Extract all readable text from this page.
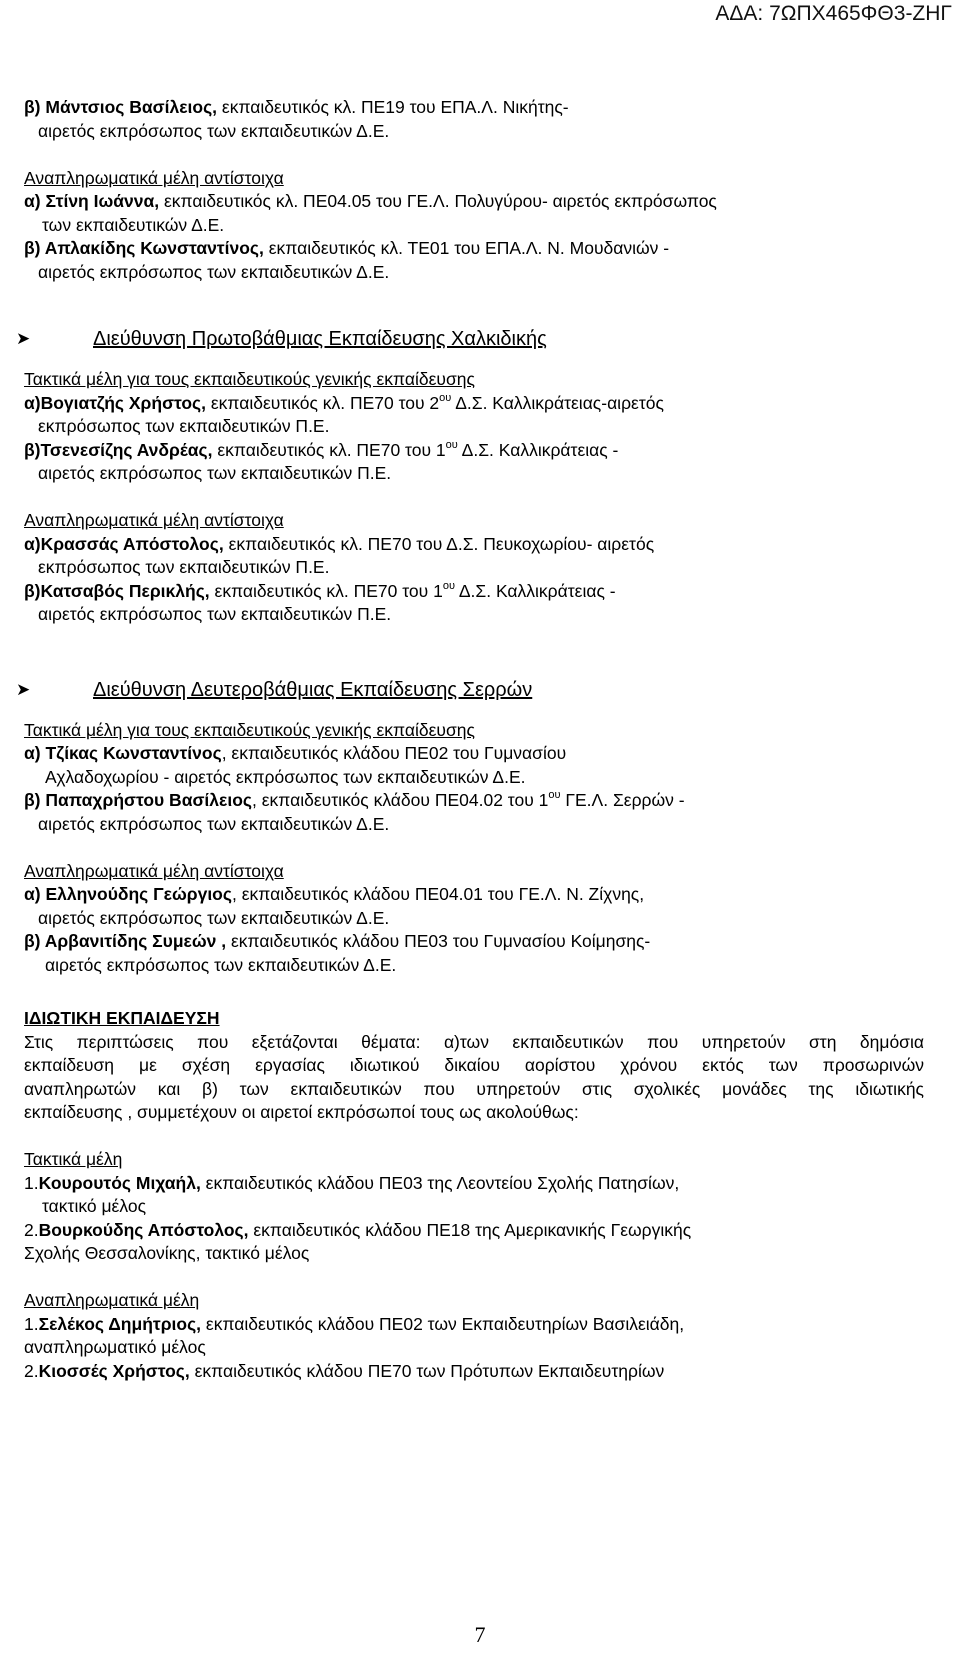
ΑΔΑ: 7ΩΠΧ465ΦΘ3-ΖΗΓ

β) Μάντσιος Βασίλειος, εκπαιδευτικός κλ. ΠΕ19 του ΕΠΑ.Λ. Νικήτης-

αιρετός εκπρόσωπος των εκπαιδευτικών Δ.Ε.

Αναπληρωματικά μέλη αντίστοιχα

α) Στίνη Ιωάννα, εκπαιδευτικός κλ. ΠΕ04.05 του ΓΕ.Λ. Πολυγύρου- αιρετός εκπρόσωπος

των εκπαιδευτικών Δ.Ε.

β) Απλακίδης Κωνσταντίνος, εκπαιδευτικός κλ. ΤΕ01 του ΕΠΑ.Λ. Ν. Μουδανιών -

αιρετός εκπρόσωπος των εκπαιδευτικών Δ.Ε.

➤	Διεύθυνση Πρωτοβάθμιας Εκπαίδευσης Χαλκιδικής

Τακτικά μέλη για τους εκπαιδευτικούς γενικής εκπαίδευσης

α)Βογιατζής Χρήστος, εκπαιδευτικός κλ. ΠΕ70 του $2^{o\upsilon}$ Δ.Σ. Καλλικράτειας-αιρετός

εκπρόσωπος των εκπαιδευτικών Π.Ε.

β)Τσενεσίζης Ανδρέας, εκπαιδευτικός κλ. ΠΕ70 του $1^{o\upsilon}$ Δ.Σ. Καλλικράτειας -

αιρετός εκπρόσωπος των εκπαιδευτικών Π.Ε.

Αναπληρωματικά μέλη αντίστοιχα

α)Κρασσάς Απόστολος, εκπαιδευτικός κλ. ΠΕ70 του Δ.Σ. Πευκοχωρίου- αιρετός

εκπρόσωπος των εκπαιδευτικών Π.Ε.

β)Κατσαβός Περικλής, εκπαιδευτικός κλ. ΠΕ70 του $1^{o\upsilon}$ Δ.Σ. Καλλικράτειας -

αιρετός εκπρόσωπος των εκπαιδευτικών Π.Ε.

➤	Διεύθυνση Δευτεροβάθμιας Εκπαίδευσης Σερρών

Τακτικά μέλη για τους εκπαιδευτικούς γενικής εκπαίδευσης

α) Τζίκας Κωνσταντίνος, εκπαιδευτικός κλάδου ΠΕ02 του Γυμνασίου

Αχλαδοχωρίου - αιρετός εκπρόσωπος των εκπαιδευτικών Δ.Ε.

β) Παπαχρήστου Βασίλειος, εκπαιδευτικός κλάδου ΠΕ04.02 του $1^{o\upsilon}$ ΓΕ.Λ. Σερρών -

αιρετός εκπρόσωπος των εκπαιδευτικών Δ.Ε.

Αναπληρωματικά μέλη αντίστοιχα

α) Ελληνούδης Γεώργιος, εκπαιδευτικός κλάδου ΠΕ04.01 του ΓΕ.Λ. Ν. Ζίχνης,

αιρετός εκπρόσωπος των εκπαιδευτικών Δ.Ε.

β) Αρβανιτίδης Συμεών , εκπαιδευτικός κλάδου ΠΕ03 του Γυμνασίου Κοίμησης-

αιρετός εκπρόσωπος των εκπαιδευτικών Δ.Ε.

ΙΔΙΩΤΙΚΗ ΕΚΠΑΙΔΕΥΣΗ

Στις περιπτώσεις που εξετάζονται θέματα: α)των εκπαιδευτικών που υπηρετούν στη δημόσια

εκπαίδευση με σχέση εργασίας ιδιωτικού δικαίου αορίστου χρόνου εκτός των προσωρινών

αναπληρωτών και β) των εκπαιδευτικών που υπηρετούν στις σχολικές μονάδες της ιδιωτικής

εκπαίδευσης , συμμετέχουν οι αιρετοί εκπρόσωποί τους ως ακολούθως:

Τακτικά μέλη

1.Κουρουτός Μιχαήλ, εκπαιδευτικός κλάδου ΠΕ03 της Λεοντείου Σχολής Πατησίων,

τακτικό μέλος

2.Βουρκούδης Απόστολος, εκπαιδευτικός κλάδου ΠΕ18 της Αμερικανικής Γεωργικής

Σχολής Θεσσαλονίκης, τακτικό μέλος

Αναπληρωματικά μέλη

1.Σελέκος Δημήτριος, εκπαιδευτικός κλάδου ΠΕ02 των Εκπαιδευτηρίων Βασιλειάδη,

αναπληρωματικό μέλος

2.Κιοσσές Χρήστος, εκπαιδευτικός κλάδου ΠΕ70 των Πρότυπων Εκπαιδευτηρίων

7
